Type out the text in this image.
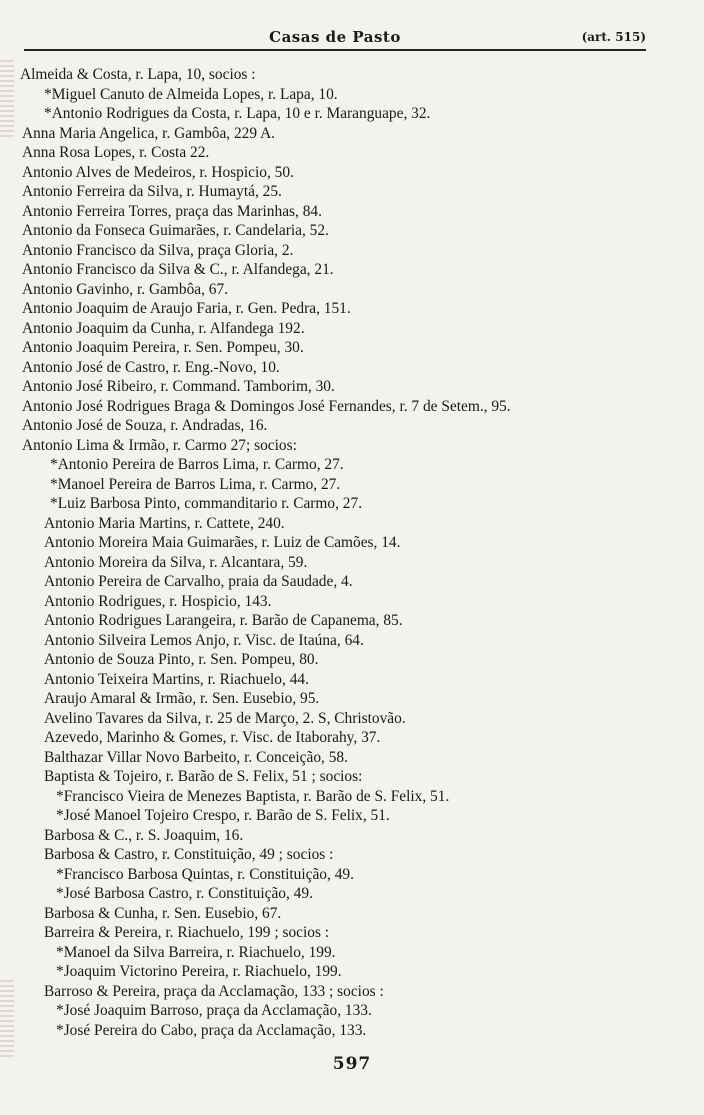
Casas de Pasto	(art. 515)
Almeida & Costa, r. Lapa, 10, socios :
*Miguel Canuto de Almeida Lopes, r. Lapa, 10.
*Antonio Rodrigues da Costa, r. Lapa, 10 e r. Maranguape, 32.
Anna Maria Angelica, r. Gambôa, 229 A.
Anna Rosa Lopes, r. Costa 22.
Antonio Alves de Medeiros, r. Hospicio, 50.
Antonio Ferreira da Silva, r. Humaytá, 25.
Antonio Ferreira Torres, praça das Marinhas, 84.
Antonio da Fonseca Guimarães, r. Candelaria, 52.
Antonio Francisco da Silva, praça Gloria, 2.
Antonio Francisco da Silva & C., r. Alfandega, 21.
Antonio Gavinho, r. Gambôa, 67.
Antonio Joaquim de Araujo Faria, r. Gen. Pedra, 151.
Antonio Joaquim da Cunha, r. Alfandega 192.
Antonio Joaquim Pereira, r. Sen. Pompeu, 30.
Antonio José de Castro, r. Eng.-Novo, 10.
Antonio José Ribeiro, r. Command. Tamborim, 30.
Antonio José Rodrigues Braga & Domingos José Fernandes, r. 7 de Setem., 95.
Antonio José de Souza, r. Andradas, 16.
Antonio Lima & Irmão, r. Carmo 27; socios:
*Antonio Pereira de Barros Lima, r. Carmo, 27.
*Manoel Pereira de Barros Lima, r. Carmo, 27.
*Luiz Barbosa Pinto, commanditario r. Carmo, 27.
Antonio Maria Martins, r. Cattete, 240.
Antonio Moreira Maia Guimarães, r. Luiz de Camões, 14.
Antonio Moreira da Silva, r. Alcantara, 59.
Antonio Pereira de Carvalho, praia da Saudade, 4.
Antonio Rodrigues, r. Hospicio, 143.
Antonio Rodrigues Larangeira, r. Barão de Capanema, 85.
Antonio Silveira Lemos Anjo, r. Visc. de Itaúna, 64.
Antonio de Souza Pinto, r. Sen. Pompeu, 80.
Antonio Teixeira Martins, r. Riachuelo, 44.
Araujo Amaral & Irmão, r. Sen. Eusebio, 95.
Avelino Tavares da Silva, r. 25 de Março, 2. S, Christovão.
Azevedo, Marinho & Gomes, r. Visc. de Itaborahy, 37.
Balthazar Villar Novo Barbeito, r. Conceição, 58.
Baptista & Tojeiro, r. Barão de S. Felix, 51 ; socios:
*Francisco Vieira de Menezes Baptista, r. Barão de S. Felix, 51.
*José Manoel Tojeiro Crespo, r. Barão de S. Felix, 51.
Barbosa & C., r. S. Joaquim, 16.
Barbosa & Castro, r. Constituição, 49 ; socios :
*Francisco Barbosa Quintas, r. Constituição, 49.
*José Barbosa Castro, r. Constituição, 49.
Barbosa & Cunha, r. Sen. Eusebio, 67.
Barreira & Pereira, r. Riachuelo, 199 ; socios :
*Manoel da Silva Barreira, r. Riachuelo, 199.
*Joaquim Victorino Pereira, r. Riachuelo, 199.
Barroso & Pereira, praça da Acclamação, 133 ; socios :
*José Joaquim Barroso, praça da Acclamação, 133.
*José Pereira do Cabo, praça da Acclamação, 133.
597
